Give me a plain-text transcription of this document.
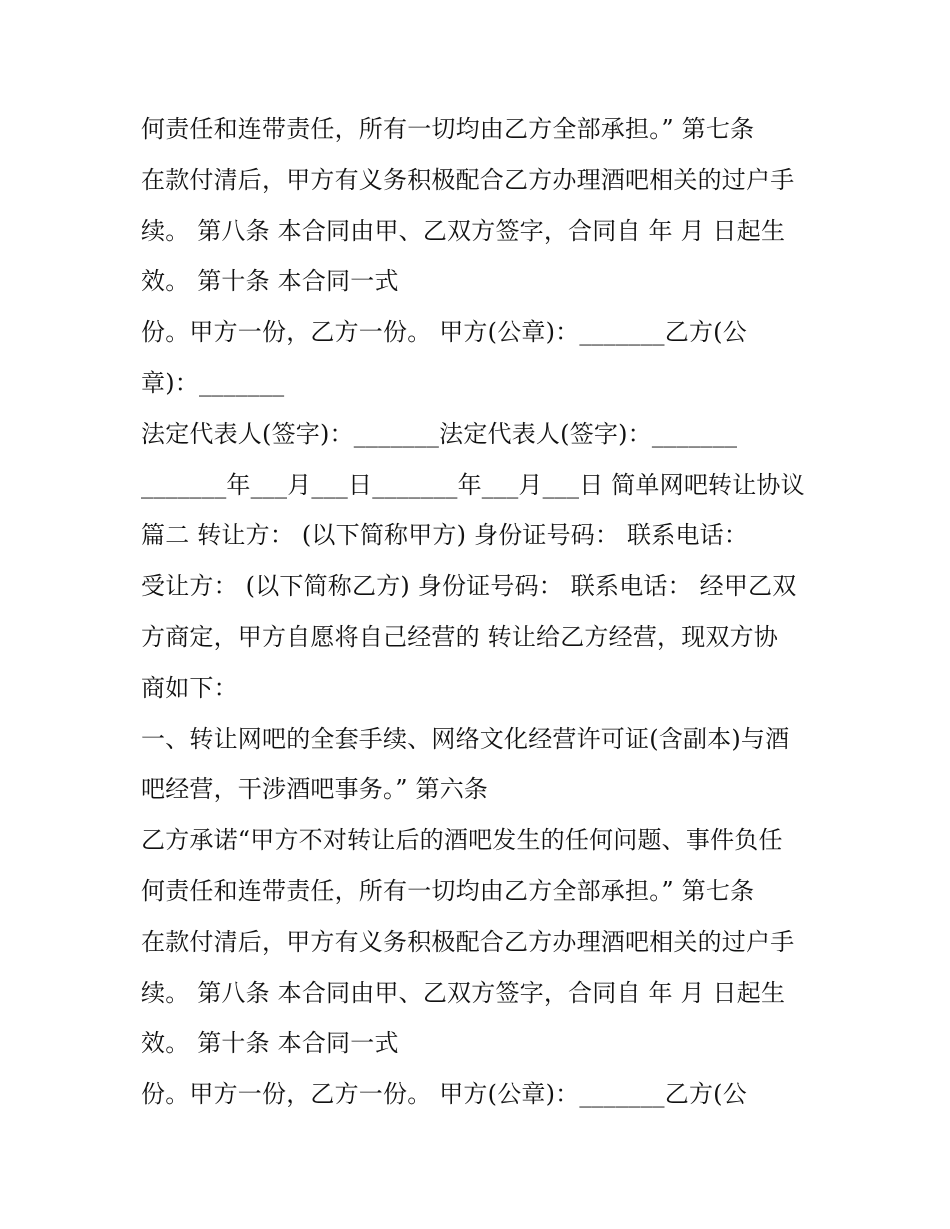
何责任和连带责任，所有一切均由乙方全部承担。” 第七条
在款付清后，甲方有义务积极配合乙方办理酒吧相关的过户手
续。 第八条 本合同由甲、乙双方签字，合同自 年 月 日起生
效。 第十条 本合同一式
份。甲方一份，乙方一份。 甲方(公章)：_______乙方(公
章)：_______
法定代表人(签字)：_______法定代表人(签字)：_______
_______年___月___日_______年___月___日 简单网吧转让协议
篇二 转让方： (以下简称甲方) 身份证号码： 联系电话：
受让方： (以下简称乙方) 身份证号码： 联系电话： 经甲乙双
方商定，甲方自愿将自己经营的 转让给乙方经营，现双方协
商如下：
一、转让网吧的全套手续、网络文化经营许可证(含副本)与酒
吧经营，干涉酒吧事务。” 第六条
乙方承诺“甲方不对转让后的酒吧发生的任何问题、事件负任
何责任和连带责任，所有一切均由乙方全部承担。” 第七条
在款付清后，甲方有义务积极配合乙方办理酒吧相关的过户手
续。 第八条 本合同由甲、乙双方签字，合同自 年 月 日起生
效。 第十条 本合同一式
份。甲方一份，乙方一份。 甲方(公章)：_______乙方(公
